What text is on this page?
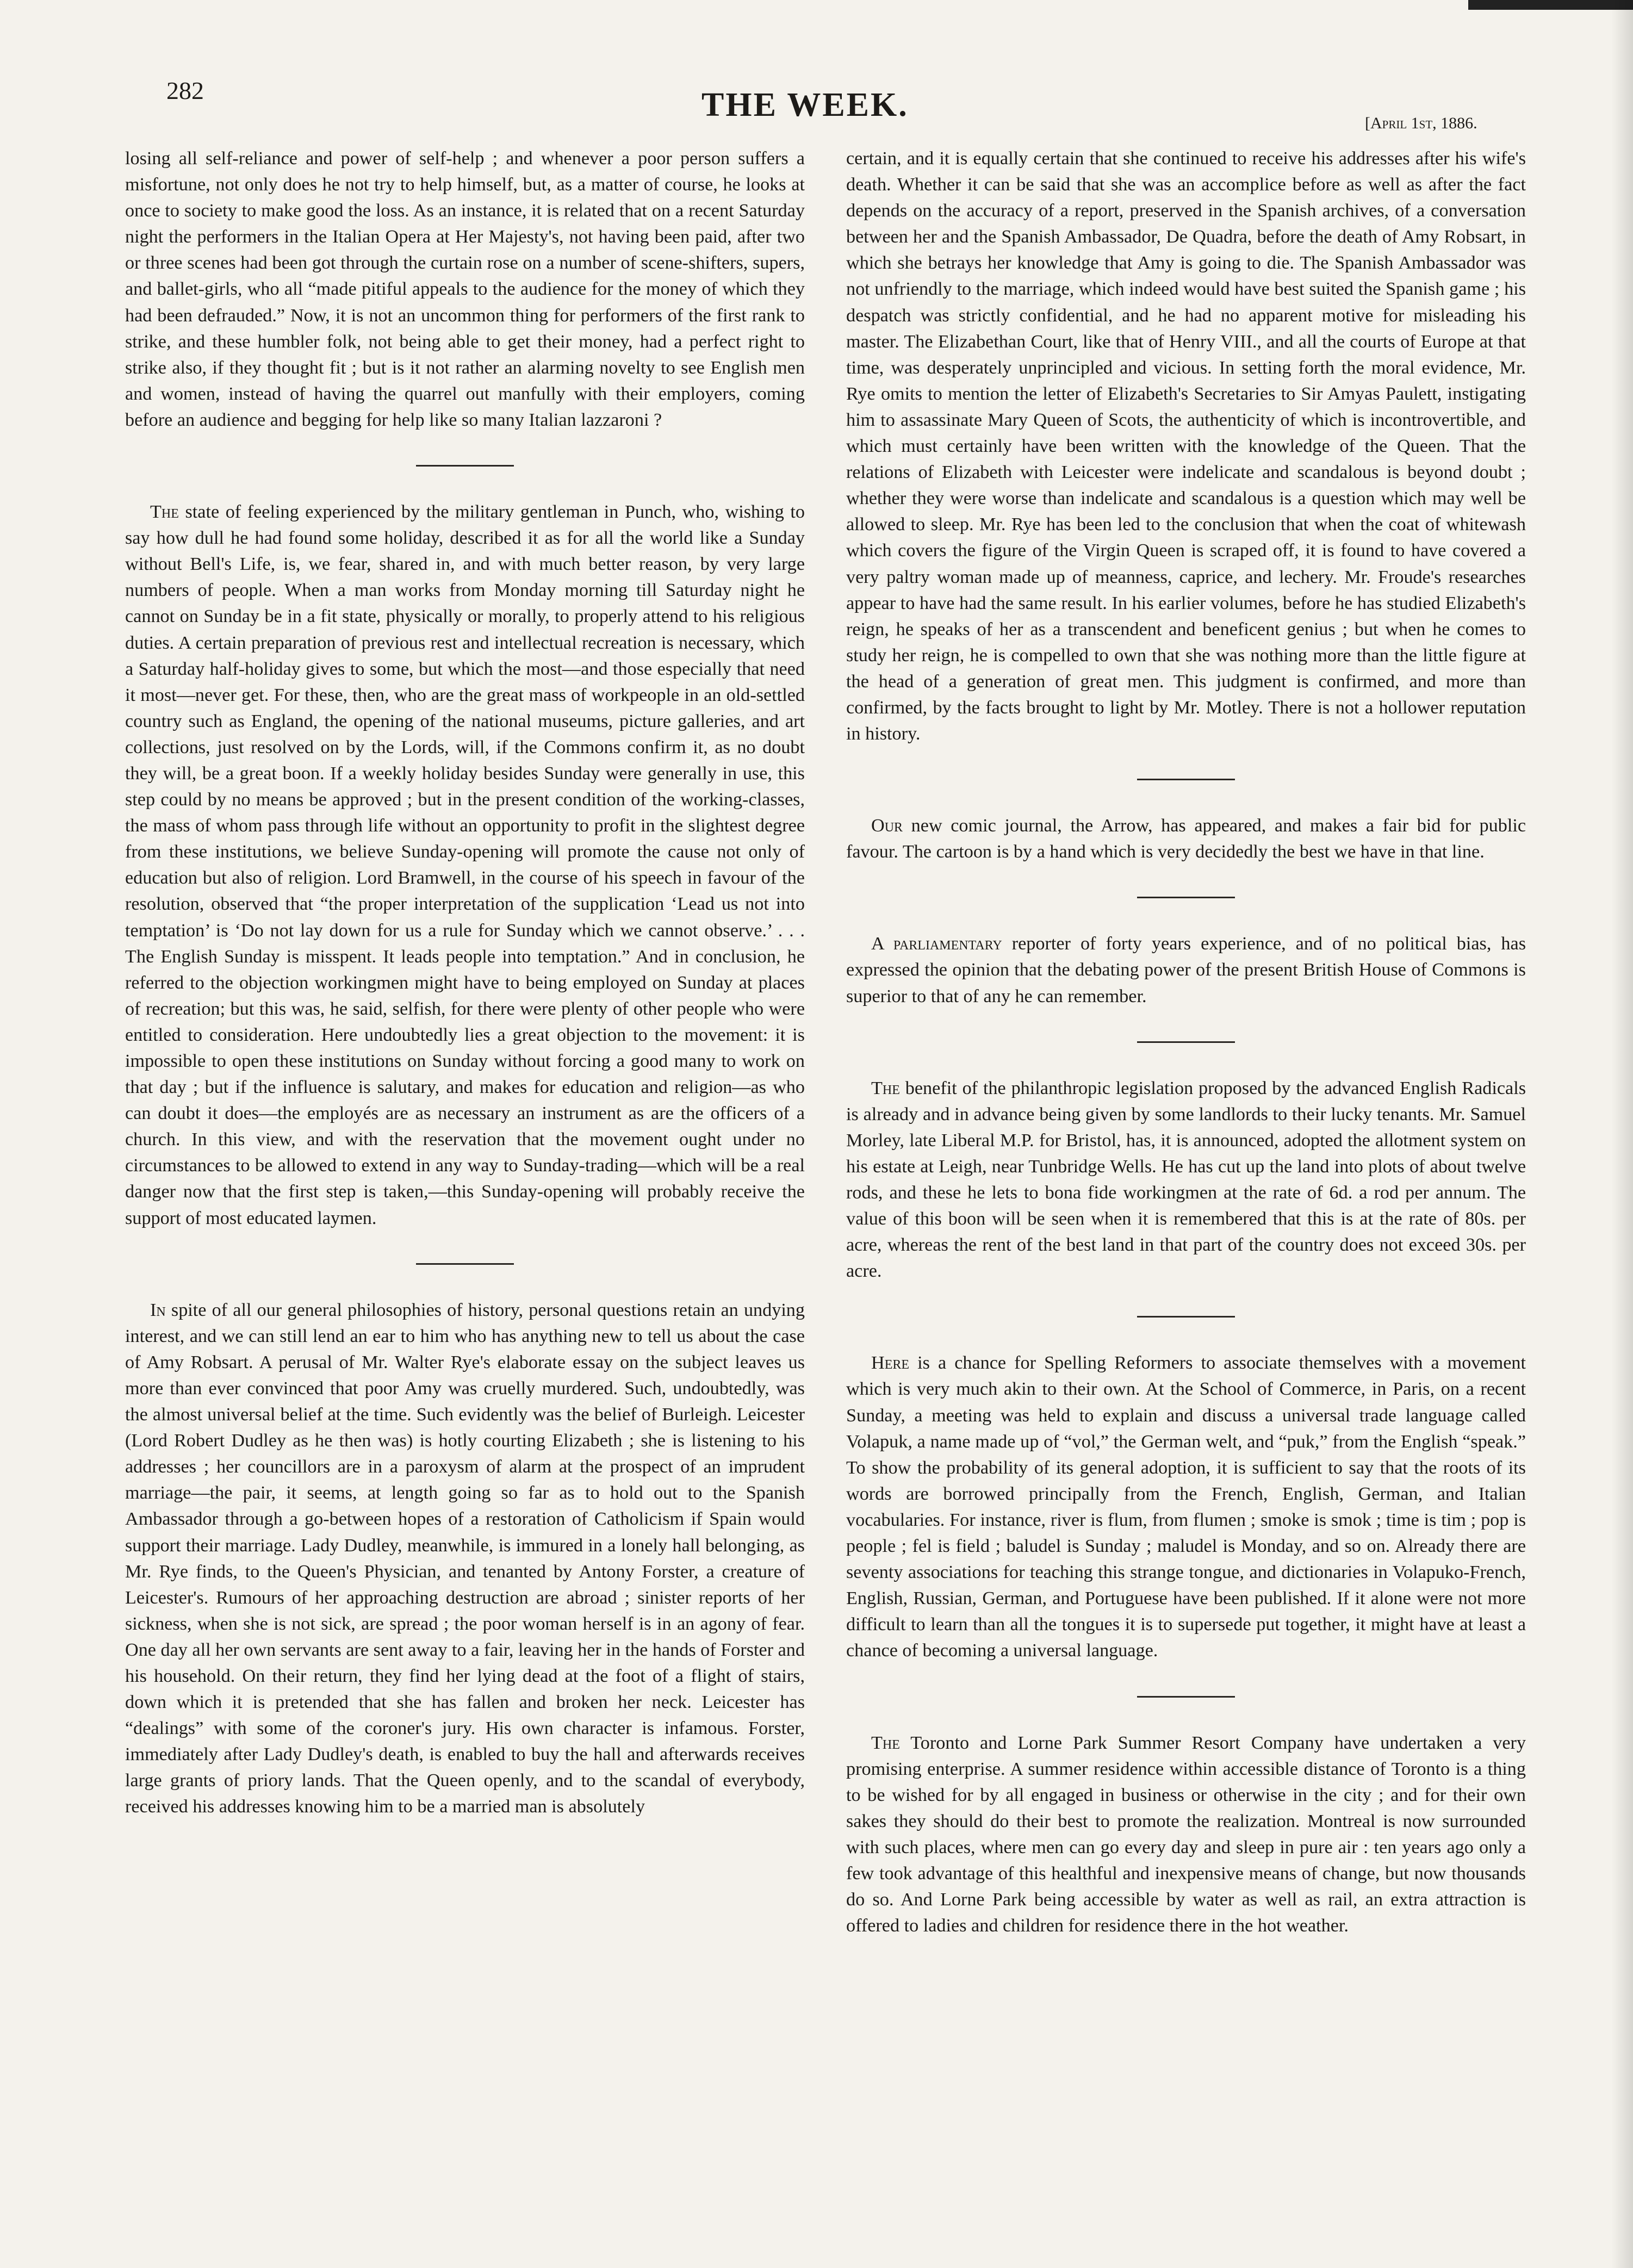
282	THE WEEK.	[April 1st, 1886.

losing all self-reliance and power of self-help ; and whenever a poor person suffers a misfortune, not only does he not try to help himself, but, as a matter of course, he looks at once to society to make good the loss. As an instance, it is related that on a recent Saturday night the performers in the Italian Opera at Her Majesty's, not having been paid, after two or three scenes had been got through the curtain rose on a number of scene-shifters, supers, and ballet-girls, who all “made pitiful appeals to the audience for the money of which they had been defrauded.” Now, it is not an uncommon thing for performers of the first rank to strike, and these humbler folk, not being able to get their money, had a perfect right to strike also, if they thought fit ; but is it not rather an alarming novelty to see English men and women, instead of having the quarrel out manfully with their employers, coming before an audience and begging for help like so many Italian lazzaroni ?

The state of feeling experienced by the military gentleman in Punch, who, wishing to say how dull he had found some holiday, described it as for all the world like a Sunday without Bell's Life, is, we fear, shared in, and with much better reason, by very large numbers of people. When a man works from Monday morning till Saturday night he cannot on Sunday be in a fit state, physically or morally, to properly attend to his religious duties. A certain preparation of previous rest and intellectual recreation is necessary, which a Saturday half-holiday gives to some, but which the most—and those especially that need it most—never get. For these, then, who are the great mass of workpeople in an old-settled country such as England, the opening of the national museums, picture galleries, and art collections, just resolved on by the Lords, will, if the Commons confirm it, as no doubt they will, be a great boon. If a weekly holiday besides Sunday were generally in use, this step could by no means be approved ; but in the present condition of the working-classes, the mass of whom pass through life without an opportunity to profit in the slightest degree from these institutions, we believe Sunday-opening will promote the cause not only of education but also of religion. Lord Bramwell, in the course of his speech in favour of the resolution, observed that “the proper interpretation of the supplication ‘Lead us not into temptation’ is ‘Do not lay down for us a rule for Sunday which we cannot observe.’ . . . The English Sunday is misspent. It leads people into temptation.” And in conclusion, he referred to the objection workingmen might have to being employed on Sunday at places of recreation; but this was, he said, selfish, for there were plenty of other people who were entitled to consideration. Here undoubtedly lies a great objection to the movement: it is impossible to open these institutions on Sunday without forcing a good many to work on that day ; but if the influence is salutary, and makes for education and religion—as who can doubt it does—the employés are as necessary an instrument as are the officers of a church. In this view, and with the reservation that the movement ought under no circumstances to be allowed to extend in any way to Sunday-trading—which will be a real danger now that the first step is taken,—this Sunday-opening will probably receive the support of most educated laymen.

In spite of all our general philosophies of history, personal questions retain an undying interest, and we can still lend an ear to him who has anything new to tell us about the case of Amy Robsart. A perusal of Mr. Walter Rye's elaborate essay on the subject leaves us more than ever convinced that poor Amy was cruelly murdered. Such, undoubtedly, was the almost universal belief at the time. Such evidently was the belief of Burleigh. Leicester (Lord Robert Dudley as he then was) is hotly courting Elizabeth ; she is listening to his addresses ; her councillors are in a paroxysm of alarm at the prospect of an imprudent marriage—the pair, it seems, at length going so far as to hold out to the Spanish Ambassador through a go-between hopes of a restoration of Catholicism if Spain would support their marriage. Lady Dudley, meanwhile, is immured in a lonely hall belonging, as Mr. Rye finds, to the Queen's Physician, and tenanted by Antony Forster, a creature of Leicester's. Rumours of her approaching destruction are abroad ; sinister reports of her sickness, when she is not sick, are spread ; the poor woman herself is in an agony of fear. One day all her own servants are sent away to a fair, leaving her in the hands of Forster and his household. On their return, they find her lying dead at the foot of a flight of stairs, down which it is pretended that she has fallen and broken her neck. Leicester has “dealings” with some of the coroner's jury. His own character is infamous. Forster, immediately after Lady Dudley's death, is enabled to buy the hall and afterwards receives large grants of priory lands. That the Queen openly, and to the scandal of everybody, received his addresses knowing him to be a married man is absolutely

certain, and it is equally certain that she continued to receive his addresses after his wife's death. Whether it can be said that she was an accomplice before as well as after the fact depends on the accuracy of a report, preserved in the Spanish archives, of a conversation between her and the Spanish Ambassador, De Quadra, before the death of Amy Robsart, in which she betrays her knowledge that Amy is going to die. The Spanish Ambassador was not unfriendly to the marriage, which indeed would have best suited the Spanish game ; his despatch was strictly confidential, and he had no apparent motive for misleading his master. The Elizabethan Court, like that of Henry VIII., and all the courts of Europe at that time, was desperately unprincipled and vicious. In setting forth the moral evidence, Mr. Rye omits to mention the letter of Elizabeth's Secretaries to Sir Amyas Paulett, instigating him to assassinate Mary Queen of Scots, the authenticity of which is incontrovertible, and which must certainly have been written with the knowledge of the Queen. That the relations of Elizabeth with Leicester were indelicate and scandalous is beyond doubt ; whether they were worse than indelicate and scandalous is a question which may well be allowed to sleep. Mr. Rye has been led to the conclusion that when the coat of whitewash which covers the figure of the Virgin Queen is scraped off, it is found to have covered a very paltry woman made up of meanness, caprice, and lechery. Mr. Froude's researches appear to have had the same result. In his earlier volumes, before he has studied Elizabeth's reign, he speaks of her as a transcendent and beneficent genius ; but when he comes to study her reign, he is compelled to own that she was nothing more than the little figure at the head of a generation of great men. This judgment is confirmed, and more than confirmed, by the facts brought to light by Mr. Motley. There is not a hollower reputation in history.

Our new comic journal, the Arrow, has appeared, and makes a fair bid for public favour. The cartoon is by a hand which is very decidedly the best we have in that line.

A parliamentary reporter of forty years experience, and of no political bias, has expressed the opinion that the debating power of the present British House of Commons is superior to that of any he can remember.

The benefit of the philanthropic legislation proposed by the advanced English Radicals is already and in advance being given by some landlords to their lucky tenants. Mr. Samuel Morley, late Liberal M.P. for Bristol, has, it is announced, adopted the allotment system on his estate at Leigh, near Tunbridge Wells. He has cut up the land into plots of about twelve rods, and these he lets to bona fide workingmen at the rate of 6d. a rod per annum. The value of this boon will be seen when it is remembered that this is at the rate of 80s. per acre, whereas the rent of the best land in that part of the country does not exceed 30s. per acre.

Here is a chance for Spelling Reformers to associate themselves with a movement which is very much akin to their own. At the School of Commerce, in Paris, on a recent Sunday, a meeting was held to explain and discuss a universal trade language called Volapuk, a name made up of “vol,” the German welt, and “puk,” from the English “speak.” To show the probability of its general adoption, it is sufficient to say that the roots of its words are borrowed principally from the French, English, German, and Italian vocabularies. For instance, river is flum, from flumen ; smoke is smok ; time is tim ; pop is people ; fel is field ; baludel is Sunday ; maludel is Monday, and so on. Already there are seventy associations for teaching this strange tongue, and dictionaries in Volapuko-French, English, Russian, German, and Portuguese have been published. If it alone were not more difficult to learn than all the tongues it is to supersede put together, it might have at least a chance of becoming a universal language.

The Toronto and Lorne Park Summer Resort Company have undertaken a very promising enterprise. A summer residence within accessible distance of Toronto is a thing to be wished for by all engaged in business or otherwise in the city ; and for their own sakes they should do their best to promote the realization. Montreal is now surrounded with such places, where men can go every day and sleep in pure air : ten years ago only a few took advantage of this healthful and inexpensive means of change, but now thousands do so. And Lorne Park being accessible by water as well as rail, an extra attraction is offered to ladies and children for residence there in the hot weather.
